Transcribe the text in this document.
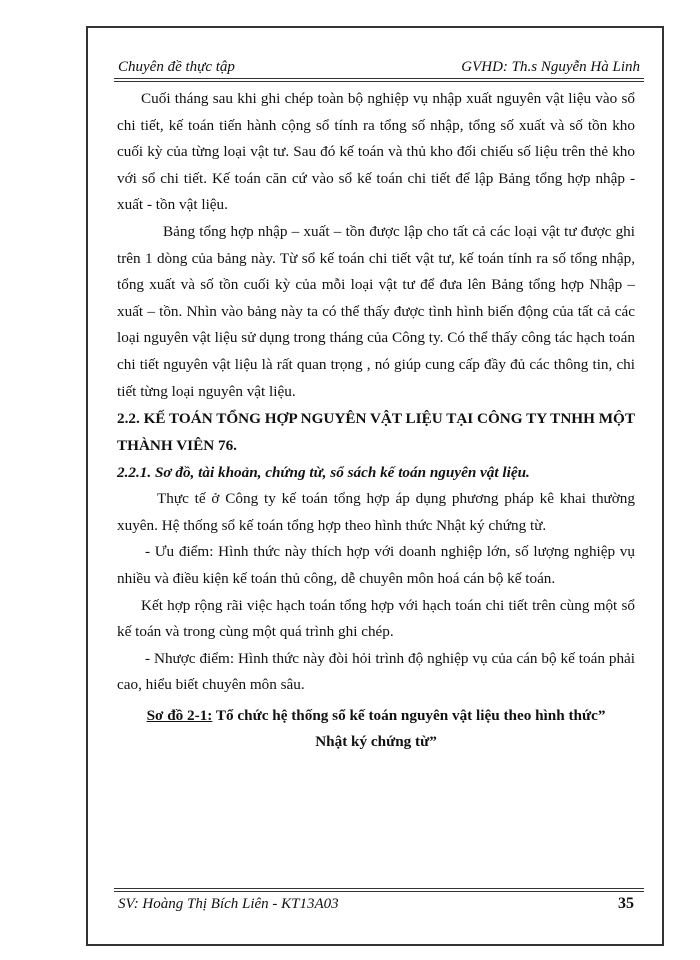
Chuyên đề thực tập	GVHD: Th.s Nguyễn Hà Linh

Cuối tháng sau khi ghi chép toàn bộ nghiệp vụ nhập xuất nguyên vật liệu vào sổ chi tiết, kế toán tiến hành cộng sổ tính ra tổng số nhập, tổng số xuất và số tồn kho cuối kỳ của từng loại vật tư. Sau đó kế toán và thủ kho đối chiếu số liệu trên thẻ kho với sổ chi tiết. Kế toán căn cứ vào sổ kế toán chi tiết để lập Bảng tổng hợp nhập - xuất - tồn vật liệu.

Bảng tổng hợp nhập – xuất – tồn được lập cho tất cả các loại vật tư được ghi trên 1 dòng của bảng này. Từ sổ kế toán chi tiết vật tư, kế toán tính ra số tổng nhập, tổng xuất và số tồn cuối kỳ của mỗi loại vật tư để đưa lên Bảng tổng hợp Nhập – xuất – tồn. Nhìn vào bảng này ta có thể thấy được tình hình biến động của tất cả các loại nguyên vật liệu sử dụng trong tháng của Công ty. Có thể thấy công tác hạch toán chi tiết nguyên vật liệu là rất quan trọng , nó giúp cung cấp đầy đủ các thông tin, chi tiết từng loại nguyên vật liệu.

2.2. KẾ TOÁN TỔNG HỢP NGUYÊN VẬT LIỆU TẠI CÔNG TY TNHH MỘT THÀNH VIÊN 76.

2.2.1. Sơ đồ, tài khoản, chứng từ, sổ sách kế toán nguyên vật liệu.

Thực tế ở Công ty kế toán tổng hợp áp dụng phương pháp kê khai thường xuyên. Hệ thống sổ kế toán tổng hợp theo hình thức Nhật ký chứng từ.

- Ưu điểm: Hình thức này thích hợp với doanh nghiệp lớn, số lượng nghiệp vụ nhiều và điều kiện kế toán thủ công, dễ chuyên môn hoá cán bộ kế toán.

Kết hợp rộng rãi việc hạch toán tổng hợp với hạch toán chi tiết trên cùng một sổ kế toán và trong cùng một quá trình ghi chép.

- Nhược điểm: Hình thức này đòi hỏi trình độ nghiệp vụ của cán bộ kế toán phải cao, hiểu biết chuyên môn sâu.

Sơ đồ 2-1: Tổ chức hệ thống sổ kế toán nguyên vật liệu theo hình thức”
Nhật ký chứng từ”

SV: Hoàng Thị Bích Liên - KT13A03	35
